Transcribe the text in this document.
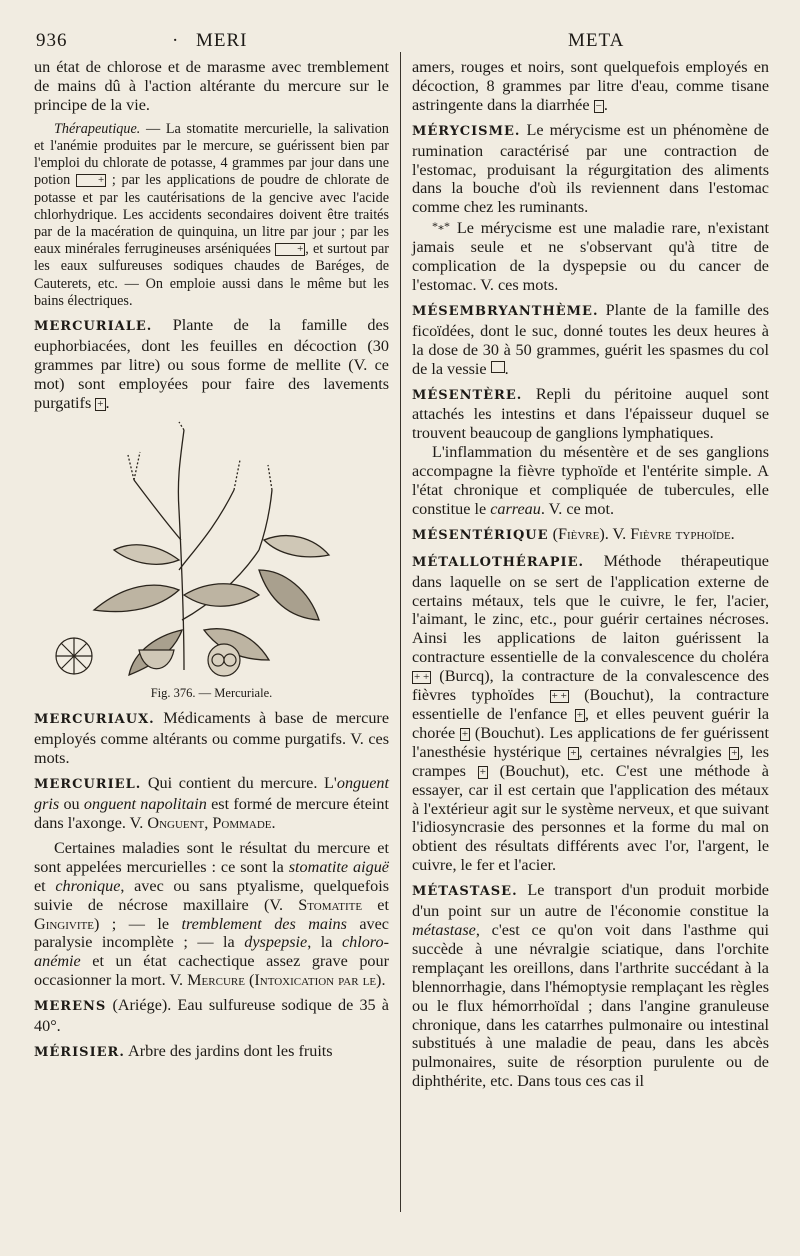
936	· MERI	META

un état de chlorose et de marasme avec tremblement de mains dû à l'action altérante du mercure sur le principe de la vie.

Thérapeutique. — La stomatite mercurielle, la salivation et l'anémie produites par le mercure, se guérissent bien par l'emploi du chlorate de potasse, 4 grammes par jour dans une potion + ; par les applications de poudre de chlorate de potasse et par les cautérisations de la gencive avec l'acide chlorhydrique. Les accidents secondaires doivent être traités par de la macération de quinquina, un litre par jour ; par les eaux minérales ferrugineuses arséniquées + , et surtout par les eaux sulfureuses sodiques chaudes de Baréges, de Cauterets, etc. — On emploie aussi dans le même but les bains électriques.

MERCURIALE. Plante de la famille des euphorbiacées, dont les feuilles en décoction (30 grammes par litre) ou sous forme de mellite (V. ce mot) sont employées pour faire des lavements purgatifs + .

Fig. 376. — Mercuriale.

MERCURIAUX. Médicaments à base de mercure employés comme altérants ou comme purgatifs. V. ces mots.

MERCURIEL. Qui contient du mercure. L'onguent gris ou onguent napolitain est formé de mercure éteint dans l'axonge. V. Onguent, Pommade.

Certaines maladies sont le résultat du mercure et sont appelées mercurielles : ce sont la stomatite aiguë et chronique, avec ou sans ptyalisme, quelquefois suivie de nécrose maxillaire (V. Stomatite et Gingivite) ; — le tremblement des mains avec paralysie incomplète ; — la dyspepsie, la chloro-anémie et un état cachectique assez grave pour occasionner la mort. V. Mercure (Intoxication par le).

MERENS (Ariége). Eau sulfureuse sodique de 35 à 40°.

MÉRISIER. Arbre des jardins dont les fruits

amers, rouges et noirs, sont quelquefois employés en décoction, 8 grammes par litre d'eau, comme tisane astringente dans la diarrhée − .

MÉRYCISME. Le mérycisme est un phénomène de rumination caractérisé par une contraction de l'estomac, produisant la régurgitation des aliments dans la bouche d'où ils reviennent dans l'estomac comme chez les ruminants.

*⁎* Le mérycisme est une maladie rare, n'existant jamais seule et ne s'observant qu'à titre de complication de la dyspepsie ou du cancer de l'estomac. V. ces mots.

MÉSEMBRYANTHÈME. Plante de la famille des ficoïdées, dont le suc, donné toutes les deux heures à la dose de 30 à 50 grammes, guérit les spasmes du col de la vessie .

MÉSENTÈRE. Repli du péritoine auquel sont attachés les intestins et dans l'épaisseur duquel se trouvent beaucoup de ganglions lymphatiques.

L'inflammation du mésentère et de ses ganglions accompagne la fièvre typhoïde et l'entérite simple. A l'état chronique et compliquée de tubercules, elle constitue le carreau. V. ce mot.

MÉSENTÉRIQUE (Fièvre). V. Fièvre typhoïde.

MÉTALLOTHÉRAPIE. Méthode thérapeutique dans laquelle on se sert de l'application externe de certains métaux, tels que le cuivre, le fer, l'acier, l'aimant, le zinc, etc., pour guérir certaines nécroses. Ainsi les applications de laiton guérissent la contracture essentielle de la convalescence du choléra + + (Burcq), la contracture de la convalescence des fièvres typhoïdes + + (Bouchut), la contracture essentielle de l'enfance + , et elles peuvent guérir la chorée + (Bouchut). Les applications de fer guérissent l'anesthésie hystérique + , certaines névralgies + , les crampes + (Bouchut), etc. C'est une méthode à essayer, car il est certain que l'application des métaux à l'extérieur agit sur le système nerveux, et que suivant l'idiosyncrasie des personnes et la forme du mal on obtient des résultats différents avec l'or, l'argent, le cuivre, le fer et l'acier.

MÉTASTASE. Le transport d'un produit morbide d'un point sur un autre de l'économie constitue la métastase, c'est ce qu'on voit dans l'asthme qui succède à une névralgie sciatique, dans l'orchite remplaçant les oreillons, dans l'arthrite succédant à la blennorrhagie, dans l'hémoptysie remplaçant les règles ou le flux hémorrhoïdal ; dans l'angine granuleuse chronique, dans les catarrhes pulmonaire ou intestinal substitués à une maladie de peau, dans les abcès pulmonaires, suite de résorption purulente ou de diphthérite, etc. Dans tous ces cas il
